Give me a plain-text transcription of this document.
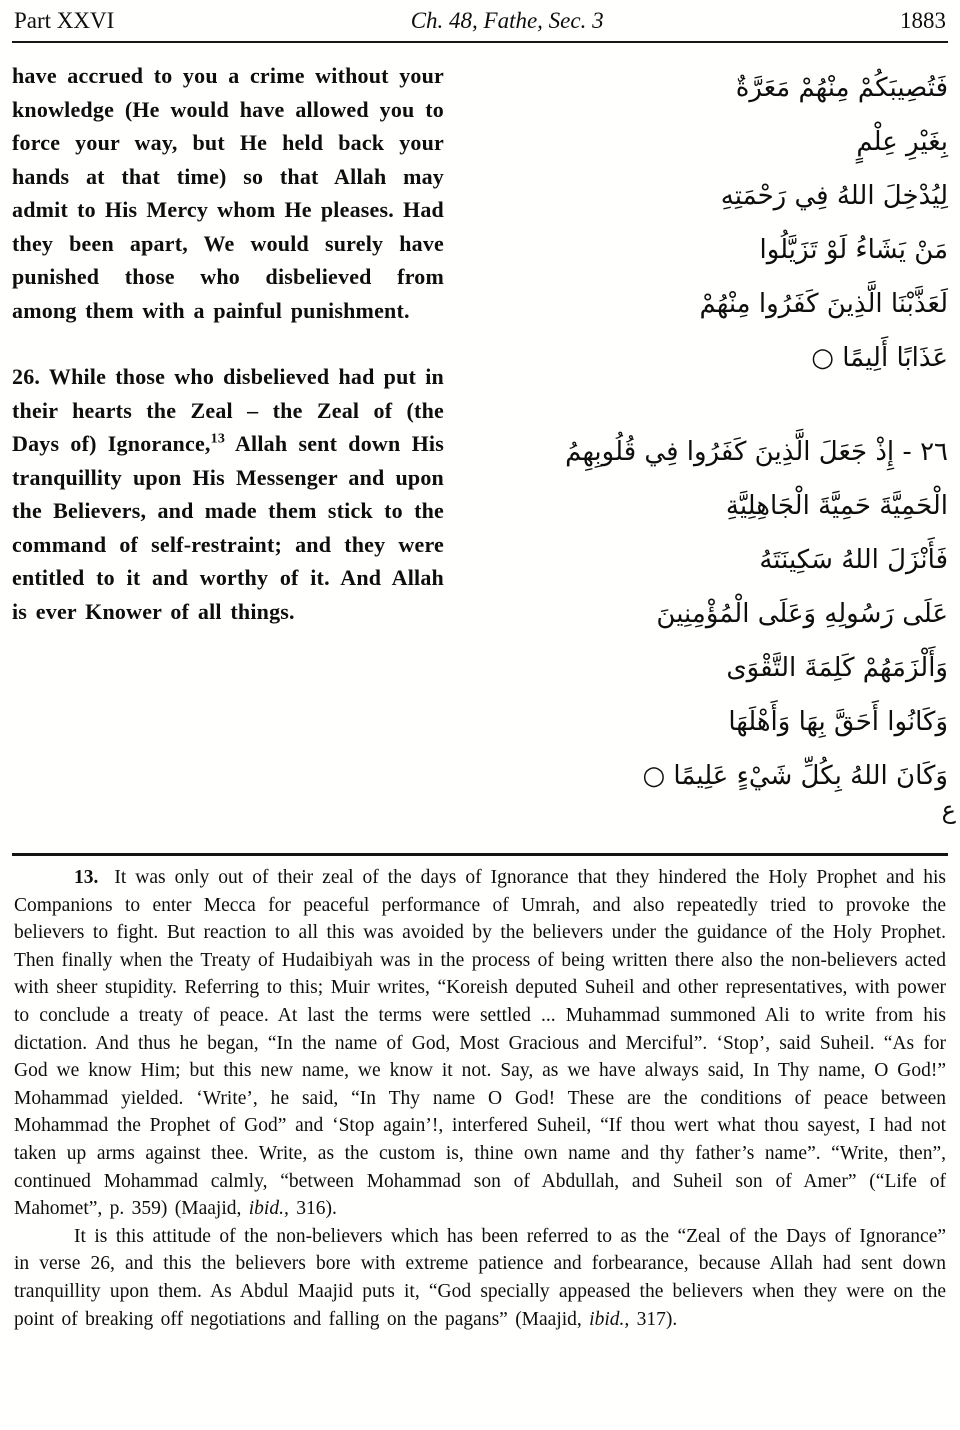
Part XXVI	Ch. 48, Fathe, Sec. 3	1883

have accrued to you a crime without your knowledge (He would have allowed you to force your way, but He held back your hands at that time) so that Allah may admit to His Mercy whom He pleases. Had they been apart, We would surely have punished those who disbelieved from among them with a painful punishment.

26. While those who disbelieved had put in their hearts the Zeal – the Zeal of (the Days of) Ignorance,$^{13}$ Allah sent down His tranquillity upon His Messenger and upon the Believers, and made them stick to the command of self-restraint; and they were entitled to it and worthy of it. And Allah is ever Knower of all things.

فَتُصِيبَكُمْ مِنْهُمْ مَعَرَّةٌ
بِغَيْرِ عِلْمٍ
لِيُدْخِلَ اللهُ فِي رَحْمَتِهِ
مَنْ يَشَاءُ لَوْ تَزَيَّلُوا
لَعَذَّبْنَا الَّذِينَ كَفَرُوا مِنْهُمْ
عَذَابًا أَلِيمًا ○
٢٦ - إِذْ جَعَلَ الَّذِينَ كَفَرُوا فِي قُلُوبِهِمُ
الْحَمِيَّةَ حَمِيَّةَ الْجَاهِلِيَّةِ
فَأَنْزَلَ اللهُ سَكِينَتَهُ
عَلَى رَسُولِهِ وَعَلَى الْمُؤْمِنِينَ
وَأَلْزَمَهُمْ كَلِمَةَ التَّقْوَى
وَكَانُوا أَحَقَّ بِهَا وَأَهْلَهَا
وَكَانَ اللهُ بِكُلِّ شَيْءٍ عَلِيمًا ○
ع

13. It was only out of their zeal of the days of Ignorance that they hindered the Holy Prophet and his Companions to enter Mecca for peaceful performance of Umrah, and also repeatedly tried to provoke the believers to fight. But reaction to all this was avoided by the believers under the guidance of the Holy Prophet. Then finally when the Treaty of Hudaibiyah was in the process of being written there also the non-believers acted with sheer stupidity. Referring to this; Muir writes, “Koreish deputed Suheil and other representatives, with power to conclude a treaty of peace. At last the terms were settled ... Muhammad summoned Ali to write from his dictation. And thus he began, “In the name of God, Most Gracious and Merciful”. ‘Stop’, said Suheil. “As for God we know Him; but this new name, we know it not. Say, as we have always said, In Thy name, O God!” Mohammad yielded. ‘Write’, he said, “In Thy name O God! These are the conditions of peace between Mohammad the Prophet of God” and ‘Stop again’!, interfered Suheil, “If thou wert what thou sayest, I had not taken up arms against thee. Write, as the custom is, thine own name and thy father’s name”. “Write, then”, continued Mohammad calmly, “between Mohammad son of Abdullah, and Suheil son of Amer” (“Life of Mahomet”, p. 359) (Maajid, ibid., 316).

It is this attitude of the non-believers which has been referred to as the “Zeal of the Days of Ignorance” in verse 26, and this the believers bore with extreme patience and forbearance, because Allah had sent down tranquillity upon them. As Abdul Maajid puts it, “God specially appeased the believers when they were on the point of breaking off negotiations and falling on the pagans” (Maajid, ibid., 317).
